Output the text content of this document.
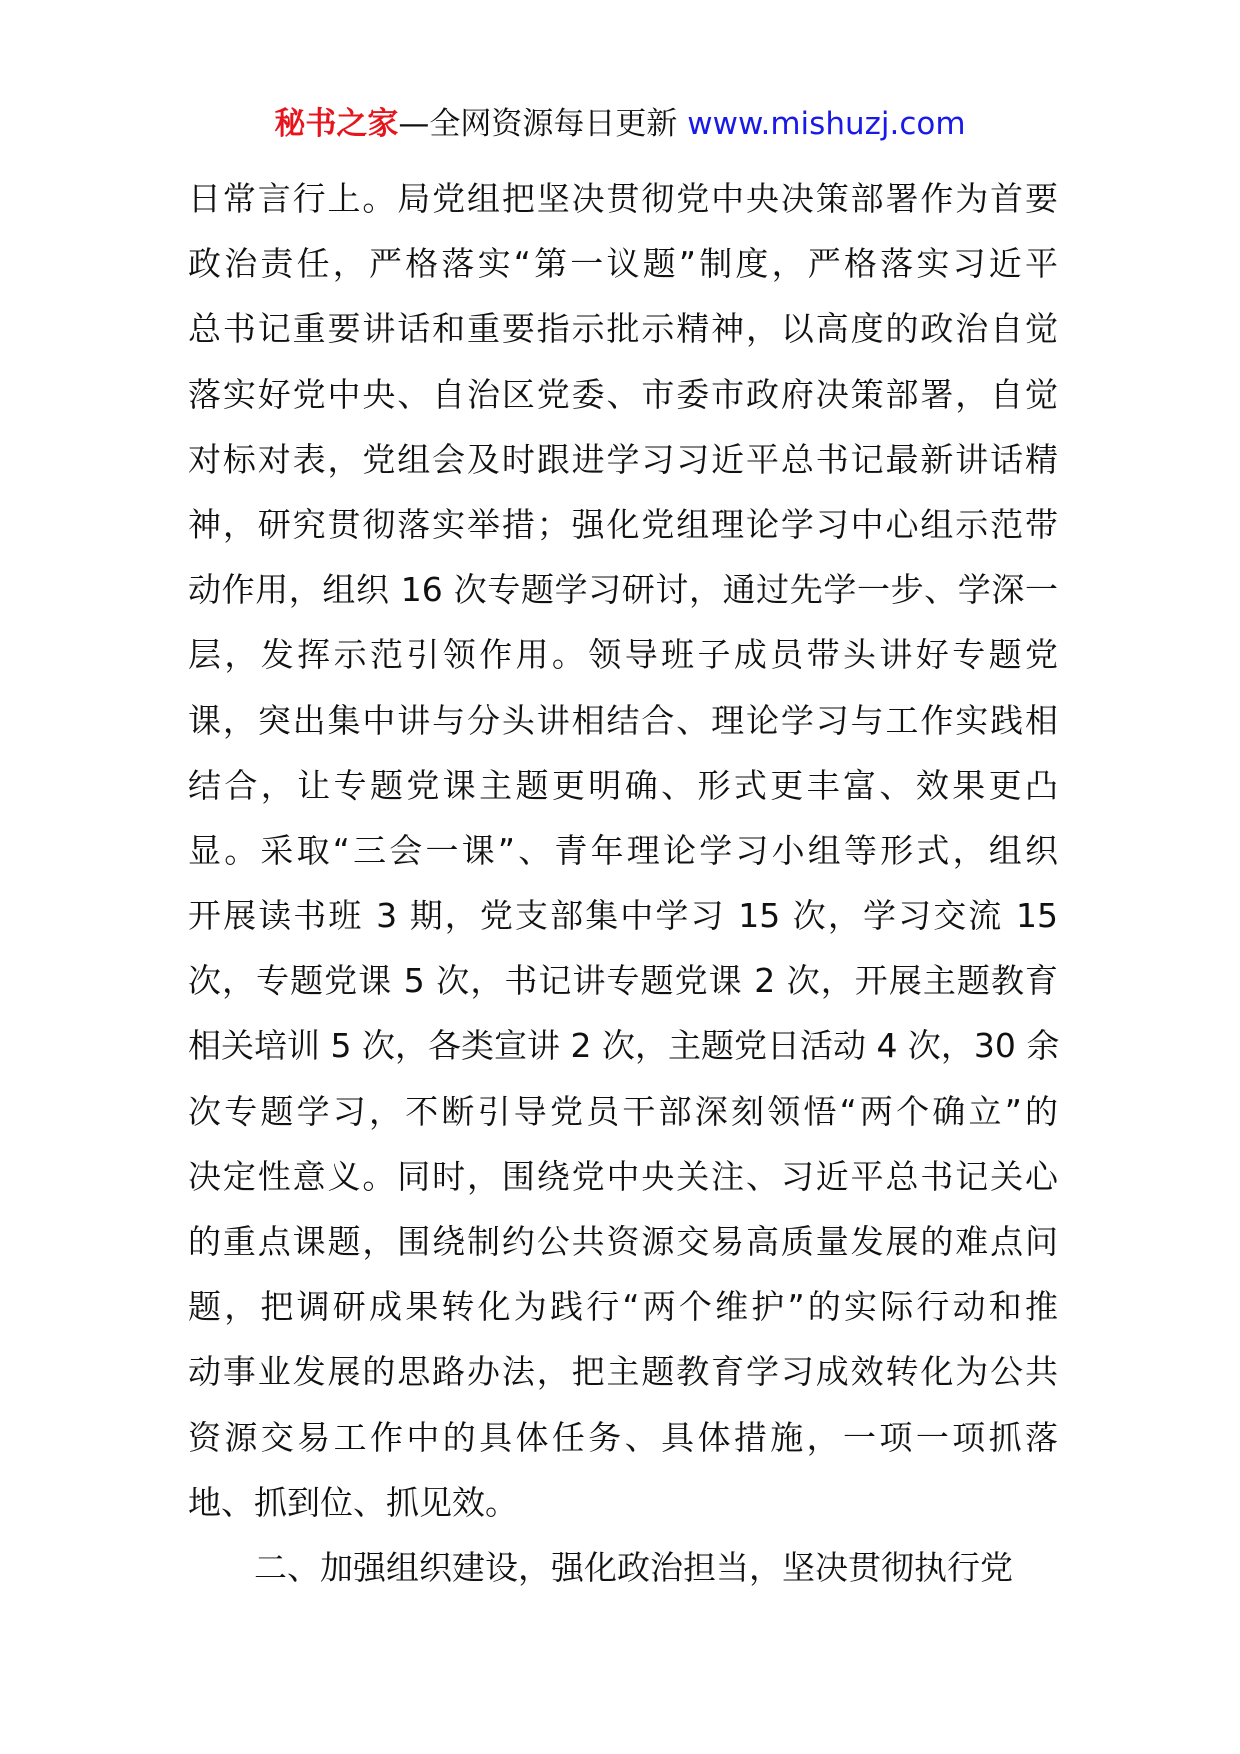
秘书之家—全网资源每日更新 www.mishuzj.com
日常言行上。局党组把坚决贯彻党中央决策部署作为首要
政治责任，严格落实“第一议题”制度，严格落实习近平
总书记重要讲话和重要指示批示精神，以高度的政治自觉
落实好党中央、自治区党委、市委市政府决策部署，自觉
对标对表，党组会及时跟进学习习近平总书记最新讲话精
神，研究贯彻落实举措；强化党组理论学习中心组示范带
动作用，组织 16 次专题学习研讨，通过先学一步、学深一
层，发挥示范引领作用。领导班子成员带头讲好专题党
课，突出集中讲与分头讲相结合、理论学习与工作实践相
结合，让专题党课主题更明确、形式更丰富、效果更凸
显。采取“三会一课”、青年理论学习小组等形式，组织
开展读书班 3 期，党支部集中学习 15 次，学习交流 15
次，专题党课 5 次，书记讲专题党课 2 次，开展主题教育
相关培训 5 次，各类宣讲 2 次，主题党日活动 4 次，30 余
次专题学习，不断引导党员干部深刻领悟“两个确立”的
决定性意义。同时，围绕党中央关注、习近平总书记关心
的重点课题，围绕制约公共资源交易高质量发展的难点问
题，把调研成果转化为践行“两个维护”的实际行动和推
动事业发展的思路办法，把主题教育学习成效转化为公共
资源交易工作中的具体任务、具体措施，一项一项抓落
地、抓到位、抓见效。
二、加强组织建设，强化政治担当，坚决贯彻执行党
